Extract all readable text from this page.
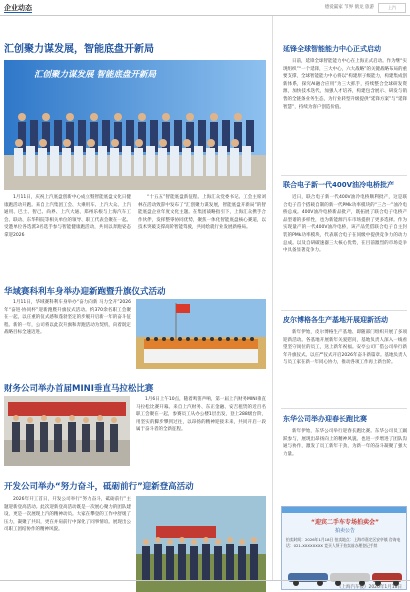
企业动态	德爱赢家 节界 鹤龙 旅游	上汽
汇创聚力谋发展，智能底盘开新局
汇创聚力谋发展 智能底盘开新局

1月11日，庆祝上汽底盘创新中心成立暨智能底盘文化日健康跑活动开跑。来自上汽集团工会、大乘用车、上汽大众、上汽通用、巴士、智己、尚界、上汽大通、郑州乐根与上海汽车工会、联动、东华科院等相关单位的领导、职工代表会聚在一起。受邀单位各选派3名选手参与智能健康跑活动，共同以奔跑姿态拿迎2026

“十五五”智能底盘新征程。上海汇众党委书记、工会主席刘林在活动致辞中发布了“汇创聚力谋发展，智能底盘开新局”的智能底盘企业年度文化主题。在集团战略指引下，上海汇众携手合作伙伴，发挥整零协同优势，聚焦一体化智能底盘核心赛道，以技术突破支撑高阶智能驾驶，共同绘就行业发展新格局。

华域赛科利车身举办迎新跑暨升旗仪式活动

1月11日，华域赛科利车身举办“奋力向新 马力全开”2026年“奋进·协同杯”迎新跑暨升旗仪式活动。约370余名职工会聚在一起，以庄重的仪式感和蓬勃坚定的步履开启新一年的奋斗征程。新的一年，公司将以此次升旗和奔跑活动为契机，向着既定战略目标全速迈进。

财务公司举办首届MINI垂直马拉松比赛

1月6日上午10点，随着鸣笛声响，第一届上汽财务MINI垂直马拉松比赛开幕。来自上汽财务、东正金融、安吉租赁的近百名职工会聚在一起，参赛员工从办公楼1层出发，登上288级台阶，用坚实的脚步攀到过往，以昂扬的精神迎接未来，共同开启一段属于奋斗者的全新征程。

开发公司举办“努力奋斗，砥砺前行”迎新登高活动

2026年开工首日，开发公司举行“努力奋斗，砥砺前行”主题迎新登高活动。此次迎新登高活动既是一次展心聚力的团队建设，更是一次展现上汽的精神动员。大家在攀登的工作中舒缓了压力，凝聚了共识，更在并肩前行中深化了同事情谊。展现出公司职工团结协作的精神风貌。

延锋全球智能能力中心正式启动

日前，延锋全球智能能力中心在上海正式启动。作为继“实现组织”“一个延锋，三大中心，六大战略”的关键战略布局的重要支撑，全球智能能力中心将以“构建原子级能力，构建集成创新体系，探究AI融合应用”为三大抓手，持续整合全球研发资源，加快技术迭代，加强人才培养，构建包含展示、研发与销售的全链条业务生态，为行业转型升级提供“延锋方案”与“延锋智慧”，持续为客户创造价值。

联合电子新一代400V油冷电桥批产

近日，联合电子新一代400V油冷电桥顺利批产，这是联合电子首个搭载自制的新一代PMk功率模块的“三合一”油冷电桥总成。400V油冷电桥新品批产，既拓展了联合电子电桥产品型谱的多样性，也为新能源汽车市场提供了更多选择。作为实现量产的一代400V油冷电桥，该产品凭借联合电子自主封装的PMk功率模块，代表联合电子在同级中提供竞争力的动力总成。以及自研碳速器三大核心优势，在目前激烈的市场竞争中具备显著竞争力。

皮尔博格各生产基地开展迎新活动

新年伊始，皮尔博格生产基地、即随部门组织开展了多项迎新活动。各基地开展新年关爱慰问，基地负责人深入一线看望坚守岗位的员工，送上新年祝福。安亭公司厂借公司举行新年升旗仪式。以庄严仪式开启2026年奋斗新篇章。基地负责人与员工家在新一年同心协力，推动各项工作再上新台阶。

东华公司举办迎春长跑比赛

新年伊始，东华公司举行迎春长跑比赛。东华公司员工踊跃参与，展现出昂扬向上的精神风貌。也进一步增进了团队沟通与协作，激发了员工新年干劲，为新一年的奋斗凝聚了强大力量。

“迎宾二手车专场拍卖会”
拍卖公告
拍卖时间：2026年1月18日 拍卖地点：上海市嘉定区安亭镇 咨询电话：021-XXXXXXXX 竞买人须于拍卖前办理登记手续
《上海汽车报》2026年1月18日
